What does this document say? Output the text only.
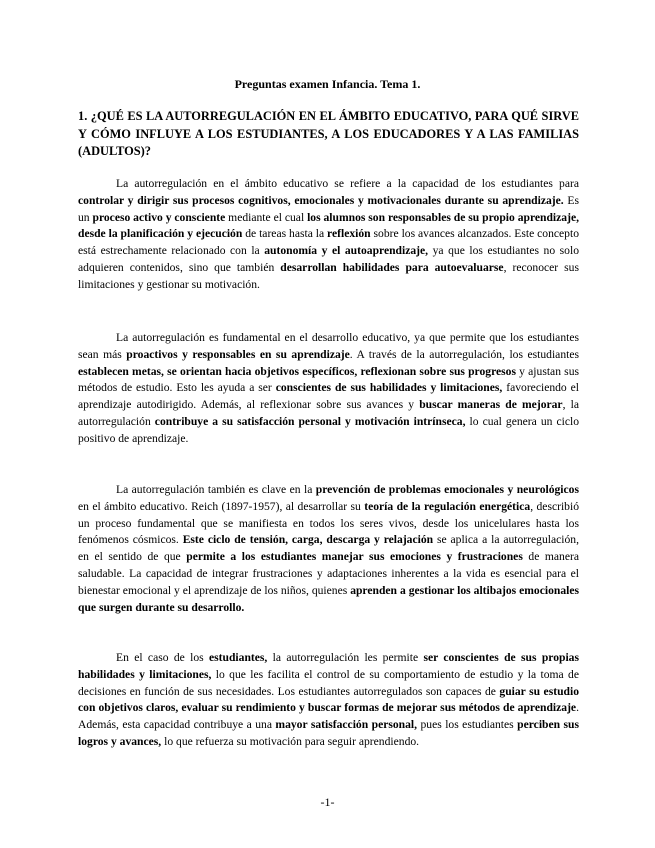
Preguntas examen Infancia. Tema 1.
1. ¿QUÉ ES LA AUTORREGULACIÓN EN EL ÁMBITO EDUCATIVO, PARA QUÉ SIRVE Y CÓMO INFLUYE A LOS ESTUDIANTES, A LOS EDUCADORES Y A LAS FAMILIAS (ADULTOS)?

La autorregulación en el ámbito educativo se refiere a la capacidad de los estudiantes para controlar y dirigir sus procesos cognitivos, emocionales y motivacionales durante su aprendizaje. Es un proceso activo y consciente mediante el cual los alumnos son responsables de su propio aprendizaje, desde la planificación y ejecución de tareas hasta la reflexión sobre los avances alcanzados. Este concepto está estrechamente relacionado con la autonomía y el autoaprendizaje, ya que los estudiantes no solo adquieren contenidos, sino que también desarrollan habilidades para autoevaluarse, reconocer sus limitaciones y gestionar su motivación.

La autorregulación es fundamental en el desarrollo educativo, ya que permite que los estudiantes sean más proactivos y responsables en su aprendizaje. A través de la autorregulación, los estudiantes establecen metas, se orientan hacia objetivos específicos, reflexionan sobre sus progresos y ajustan sus métodos de estudio. Esto les ayuda a ser conscientes de sus habilidades y limitaciones, favoreciendo el aprendizaje autodirigido. Además, al reflexionar sobre sus avances y buscar maneras de mejorar, la autorregulación contribuye a su satisfacción personal y motivación intrínseca, lo cual genera un ciclo positivo de aprendizaje.

La autorregulación también es clave en la prevención de problemas emocionales y neurológicos en el ámbito educativo. Reich (1897-1957), al desarrollar su teoría de la regulación energética, describió un proceso fundamental que se manifiesta en todos los seres vivos, desde los unicelulares hasta los fenómenos cósmicos. Este ciclo de tensión, carga, descarga y relajación se aplica a la autorregulación, en el sentido de que permite a los estudiantes manejar sus emociones y frustraciones de manera saludable. La capacidad de integrar frustraciones y adaptaciones inherentes a la vida es esencial para el bienestar emocional y el aprendizaje de los niños, quienes aprenden a gestionar los altibajos emocionales que surgen durante su desarrollo.

En el caso de los estudiantes, la autorregulación les permite ser conscientes de sus propias habilidades y limitaciones, lo que les facilita el control de su comportamiento de estudio y la toma de decisiones en función de sus necesidades. Los estudiantes autorregulados son capaces de guiar su estudio con objetivos claros, evaluar su rendimiento y buscar formas de mejorar sus métodos de aprendizaje. Además, esta capacidad contribuye a una mayor satisfacción personal, pues los estudiantes perciben sus logros y avances, lo que refuerza su motivación para seguir aprendiendo.

-1-
